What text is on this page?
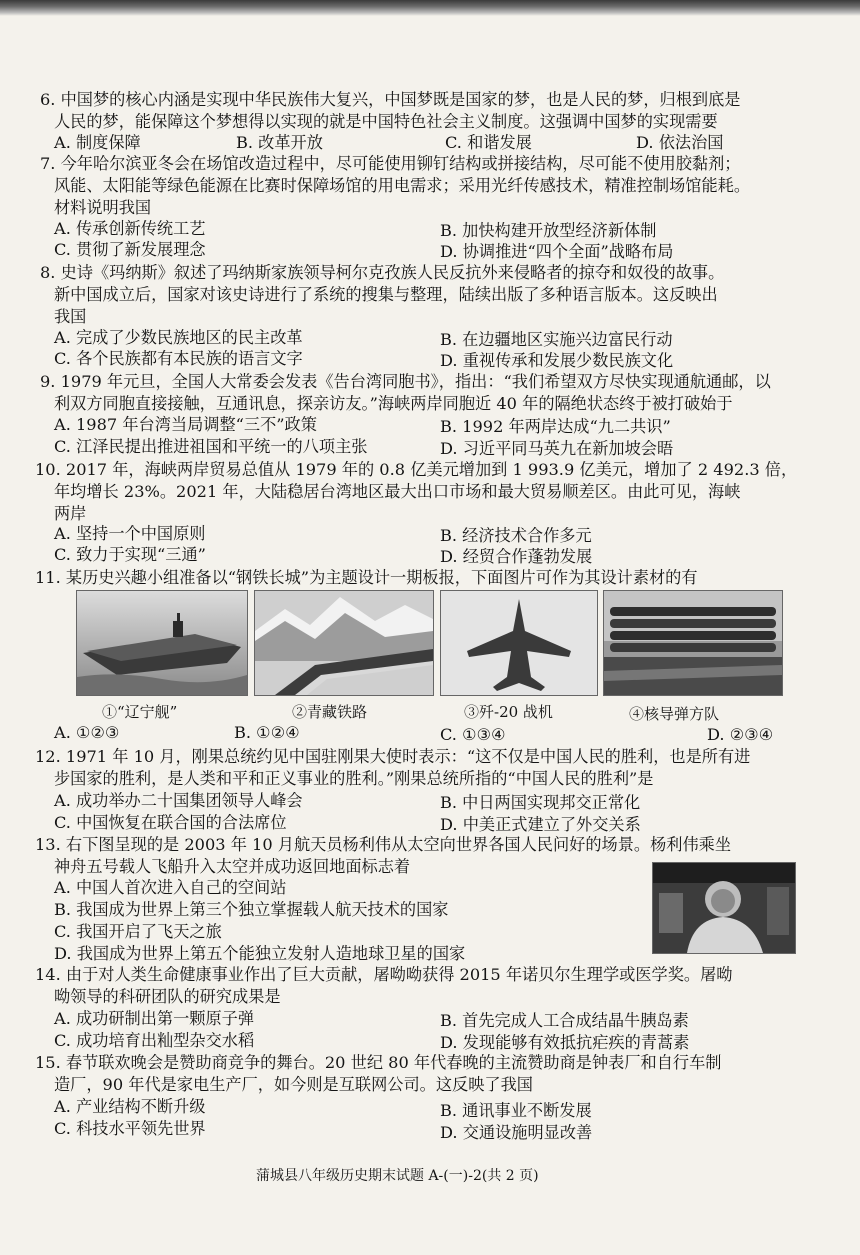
6. 中国梦的核心内涵是实现中华民族伟大复兴，中国梦既是国家的梦，也是人民的梦，归根到底是
人民的梦，能保障这个梦想得以实现的就是中国特色社会主义制度。这强调中国梦的实现需要
A. 制度保障	B. 改革开放	C. 和谐发展	D. 依法治国
7. 今年哈尔滨亚冬会在场馆改造过程中，尽可能使用铆钉结构或拼接结构，尽可能不使用胶黏剂；
风能、太阳能等绿色能源在比赛时保障场馆的用电需求；采用光纤传感技术，精准控制场馆能耗。
材料说明我国
A. 传承创新传统工艺	B. 加快构建开放型经济新体制
C. 贯彻了新发展理念	D. 协调推进“四个全面”战略布局
8. 史诗《玛纳斯》叙述了玛纳斯家族领导柯尔克孜族人民反抗外来侵略者的掠夺和奴役的故事。
新中国成立后，国家对该史诗进行了系统的搜集与整理，陆续出版了多种语言版本。这反映出
我国
A. 完成了少数民族地区的民主改革	B. 在边疆地区实施兴边富民行动
C. 各个民族都有本民族的语言文字	D. 重视传承和发展少数民族文化
9. 1979 年元旦，全国人大常委会发表《告台湾同胞书》，指出：“我们希望双方尽快实现通航通邮，以
利双方同胞直接接触，互通讯息，探亲访友。”海峡两岸同胞近 40 年的隔绝状态终于被打破始于
A. 1987 年台湾当局调整“三不”政策	B. 1992 年两岸达成“九二共识”
C. 江泽民提出推进祖国和平统一的八项主张	D. 习近平同马英九在新加坡会晤
10. 2017 年，海峡两岸贸易总值从 1979 年的 0.8 亿美元增加到 1 993.9 亿美元，增加了 2 492.3 倍，
年均增长 23%。2021 年，大陆稳居台湾地区最大出口市场和最大贸易顺差区。由此可见，海峡
两岸
A. 坚持一个中国原则	B. 经济技术合作多元
C. 致力于实现“三通”	D. 经贸合作蓬勃发展
11. 某历史兴趣小组准备以“钢铁长城”为主题设计一期板报，下面图片可作为其设计素材的有
①“辽宁舰”	②青藏铁路	③歼-20 战机	④核导弹方队
A. ①②③	B. ①②④	C. ①③④	D. ②③④
12. 1971 年 10 月，刚果总统约见中国驻刚果大使时表示：“这不仅是中国人民的胜利，也是所有进
步国家的胜利，是人类和平和正义事业的胜利。”刚果总统所指的“中国人民的胜利”是
A. 成功举办二十国集团领导人峰会	B. 中日两国实现邦交正常化
C. 中国恢复在联合国的合法席位	D. 中美正式建立了外交关系
13. 右下图呈现的是 2003 年 10 月航天员杨利伟从太空向世界各国人民问好的场景。杨利伟乘坐
神舟五号载人飞船升入太空并成功返回地面标志着
A. 中国人首次进入自己的空间站
B. 我国成为世界上第三个独立掌握载人航天技术的国家
C. 我国开启了飞天之旅
D. 我国成为世界上第五个能独立发射人造地球卫星的国家
14. 由于对人类生命健康事业作出了巨大贡献，屠呦呦获得 2015 年诺贝尔生理学或医学奖。屠呦
呦领导的科研团队的研究成果是
A. 成功研制出第一颗原子弹	B. 首先完成人工合成结晶牛胰岛素
C. 成功培育出籼型杂交水稻	D. 发现能够有效抵抗疟疾的青蒿素
15. 春节联欢晚会是赞助商竞争的舞台。20 世纪 80 年代春晚的主流赞助商是钟表厂和自行车制
造厂，90 年代是家电生产厂，如今则是互联网公司。这反映了我国
A. 产业结构不断升级	B. 通讯事业不断发展
C. 科技水平领先世界	D. 交通设施明显改善
蒲城县八年级历史期末试题 A-(一)-2(共 2 页)
